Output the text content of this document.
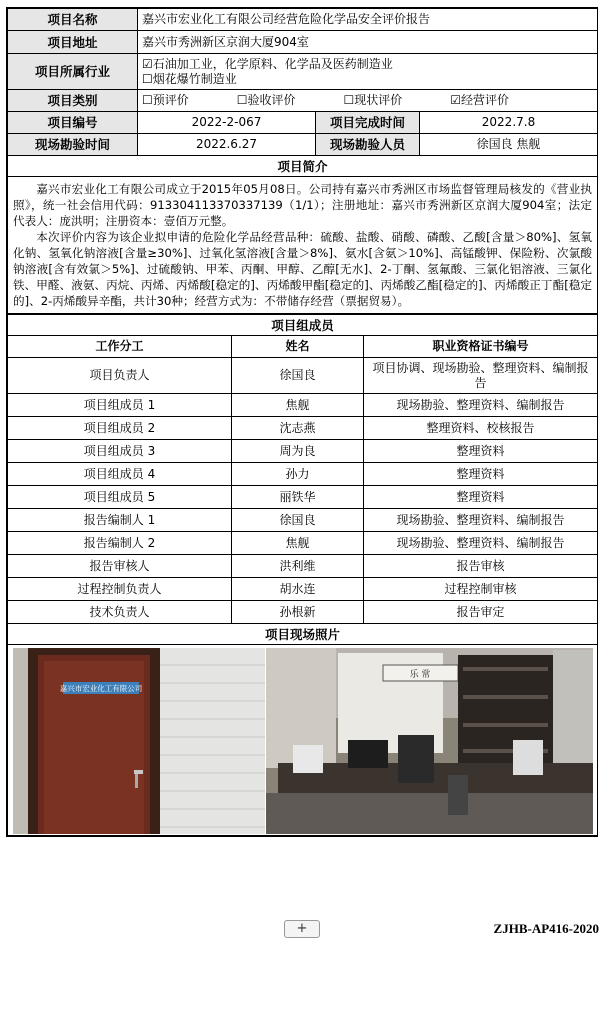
项目名称	嘉兴市宏业化工有限公司经营危险化学品安全评价报告		
项目地址	嘉兴市秀洲新区京润大厦904室		
项目所属行业	☑石油加工业，化学原料、化学品及医药制造业
☐烟花爆竹制造业		

项目类别	☐预评价 ☐验收评价 ☐现状评价 ☑经营评价		
项目编号	2022-2-067	项目完成时间	2022.7.8
现场勘验时间	2022.6.27	现场勘验人员	徐国良 焦舰
项目简介			

嘉兴市宏业化工有限公司成立于2015年05月08日。公司持有嘉兴市秀洲区市场监督管理局核发的《营业执照》，统一社会信用代码：913304113370337139（1/1）；注册地址：嘉兴市秀洲新区京润大厦904室；法定代表人：庞洪明；注册资本：壹佰万元整。

本次评价内容为该企业拟申请的危险化学品经营品种：硫酸、盐酸、硝酸、磷酸、乙酸[含量＞80%]、氢氧化钠、氢氧化钠溶液[含量≥30%]、过氧化氢溶液[含量＞8%]、氨水[含氨＞10%]、高锰酸钾、保险粉、次氯酸钠溶液[含有效氯＞5%]、过硫酸钠、甲苯、丙酮、甲醇、乙醇[无水]、2-丁酮、氢氟酸、三氯化铝溶液、三氯化铁、甲醛、液氨、丙烷、丙烯、丙烯酸[稳定的]、丙烯酸甲酯[稳定的]、丙烯酸乙酯[稳定的]、丙烯酸正丁酯[稳定的]、2-丙烯酸异辛酯，共计30种；经营方式为：不带储存经营（票据贸易）。			

项目组成员		
工作分工	姓名	职业资格证书编号
项目负责人	徐国良	项目协调、现场勘验、整理资料、编制报告
项目组成员 1	焦舰	现场勘验、整理资料、编制报告
项目组成员 2	沈志燕	整理资料、校核报告
项目组成员 3	周为良	整理资料
项目组成员 4	孙力	整理资料
项目组成员 5	丽铁华	整理资料
报告编制人 1	徐国良	现场勘验、整理资料、编制报告
报告编制人 2	焦舰	现场勘验、整理资料、编制报告
报告审核人	洪利维	报告审核
过程控制负责人	胡水连	过程控制审核
技术负责人	孙根新	报告审定
项目现场照片		

嘉兴市宏业化工有限公司
乐 常		
+	ZJHB-AP416-2020
